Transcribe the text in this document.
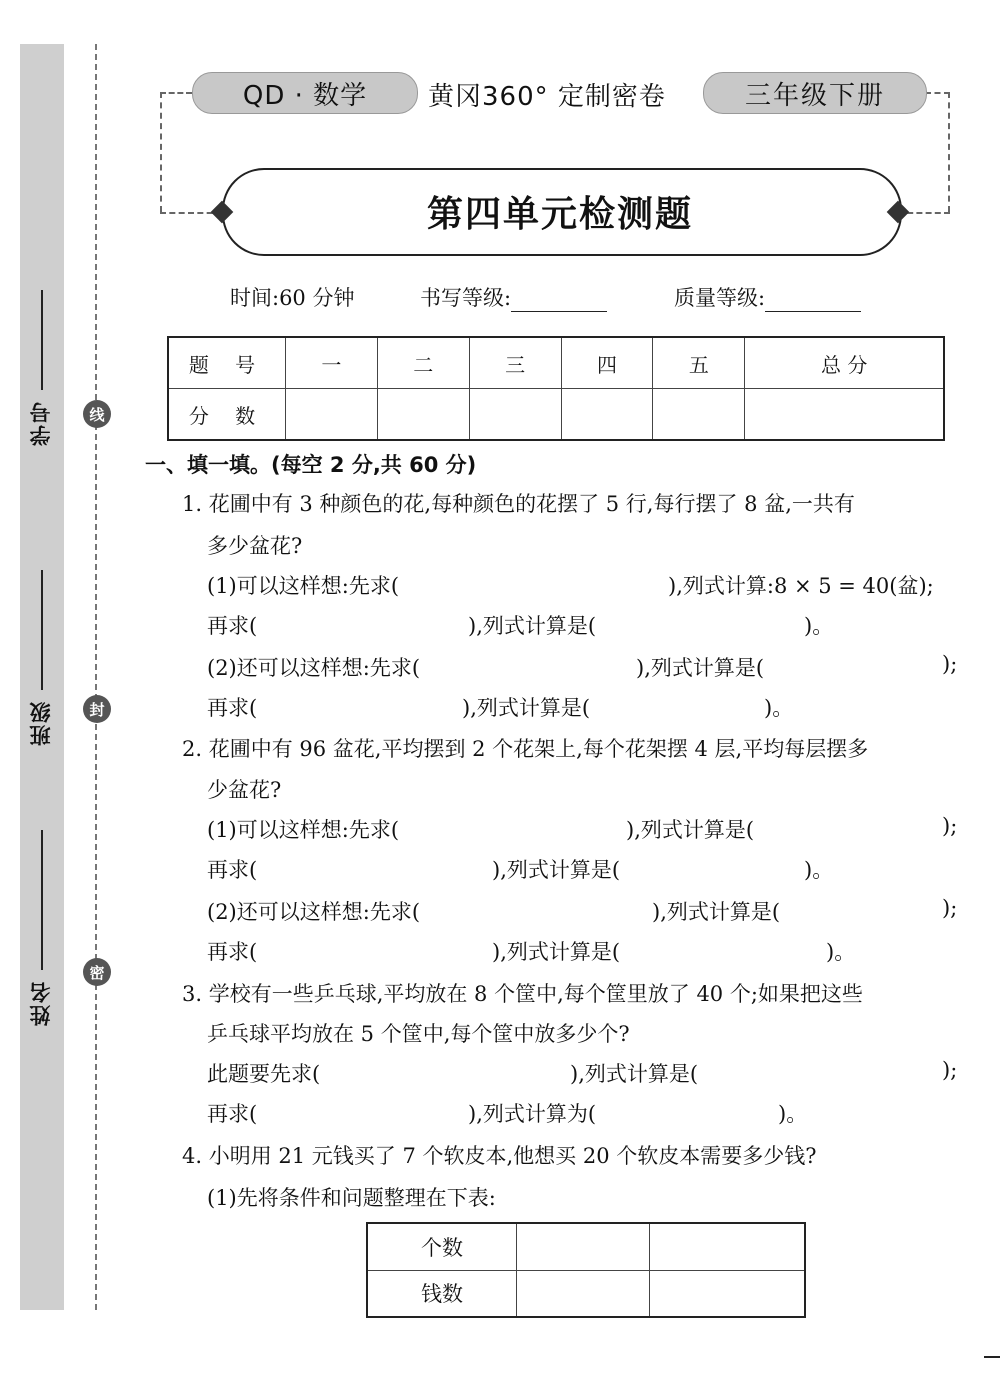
学号
班级
姓名
线
封
密
QD · 数学	黄冈360° 定制密卷	三年级下册
第四单元检测题
时间:60 分钟	书写等级:	质量等级:
题 号	一	二	三	四	五	总 分
分 数						
一、填一填。(每空 2 分,共 60 分)
1. 花圃中有 3 种颜色的花,每种颜色的花摆了 5 行,每行摆了 8 盆,一共有
多少盆花?
(1)可以这样想:先求(	),列式计算:8 × 5 = 40(盆);
再求(	),列式计算是(	)。
(2)还可以这样想:先求(	),列式计算是(	);
再求(	),列式计算是(	)。
2. 花圃中有 96 盆花,平均摆到 2 个花架上,每个花架摆 4 层,平均每层摆多
少盆花?
(1)可以这样想:先求(	),列式计算是(	);
再求(	),列式计算是(	)。
(2)还可以这样想:先求(	),列式计算是(	);
再求(	),列式计算是(	)。
3. 学校有一些乒乓球,平均放在 8 个筐中,每个筐里放了 40 个;如果把这些
乒乓球平均放在 5 个筐中,每个筐中放多少个?
此题要先求(	),列式计算是(	);
再求(	),列式计算为(	)。
4. 小明用 21 元钱买了 7 个软皮本,他想买 20 个软皮本需要多少钱?
(1)先将条件和问题整理在下表:
个数		
钱数		
